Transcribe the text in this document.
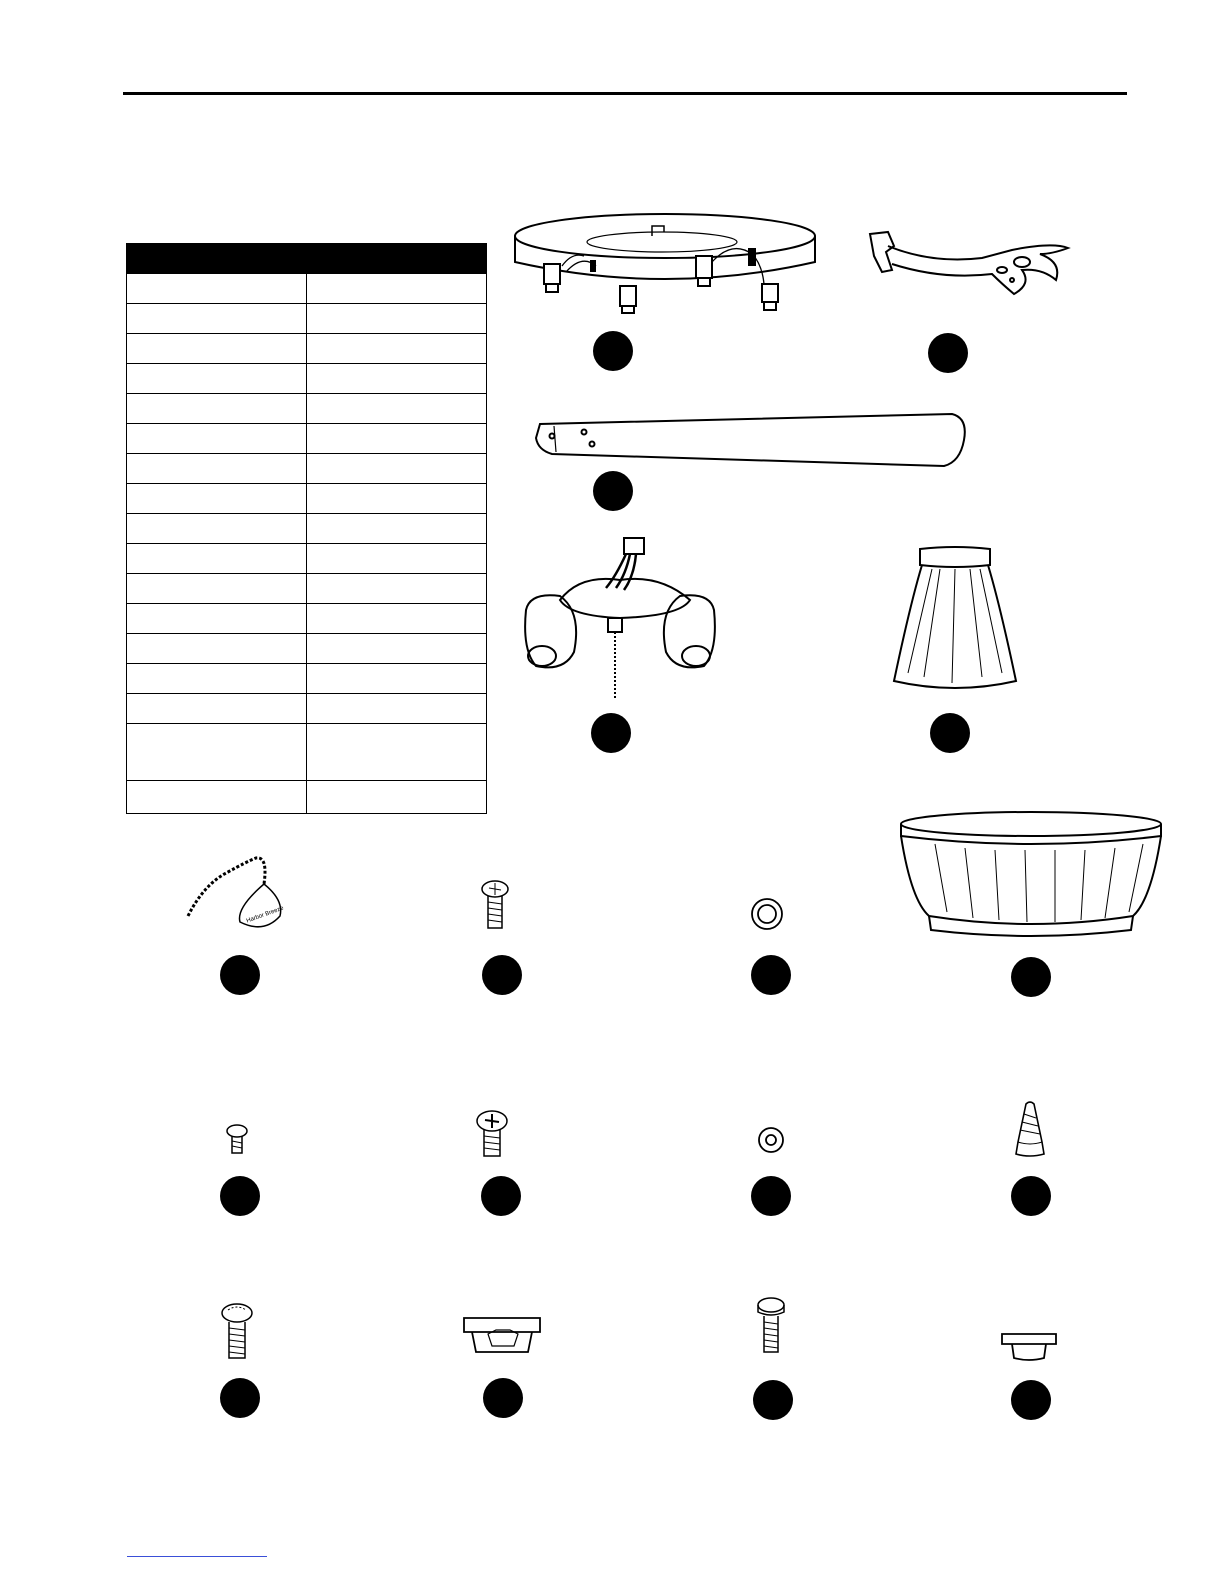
Harbor Breeze
